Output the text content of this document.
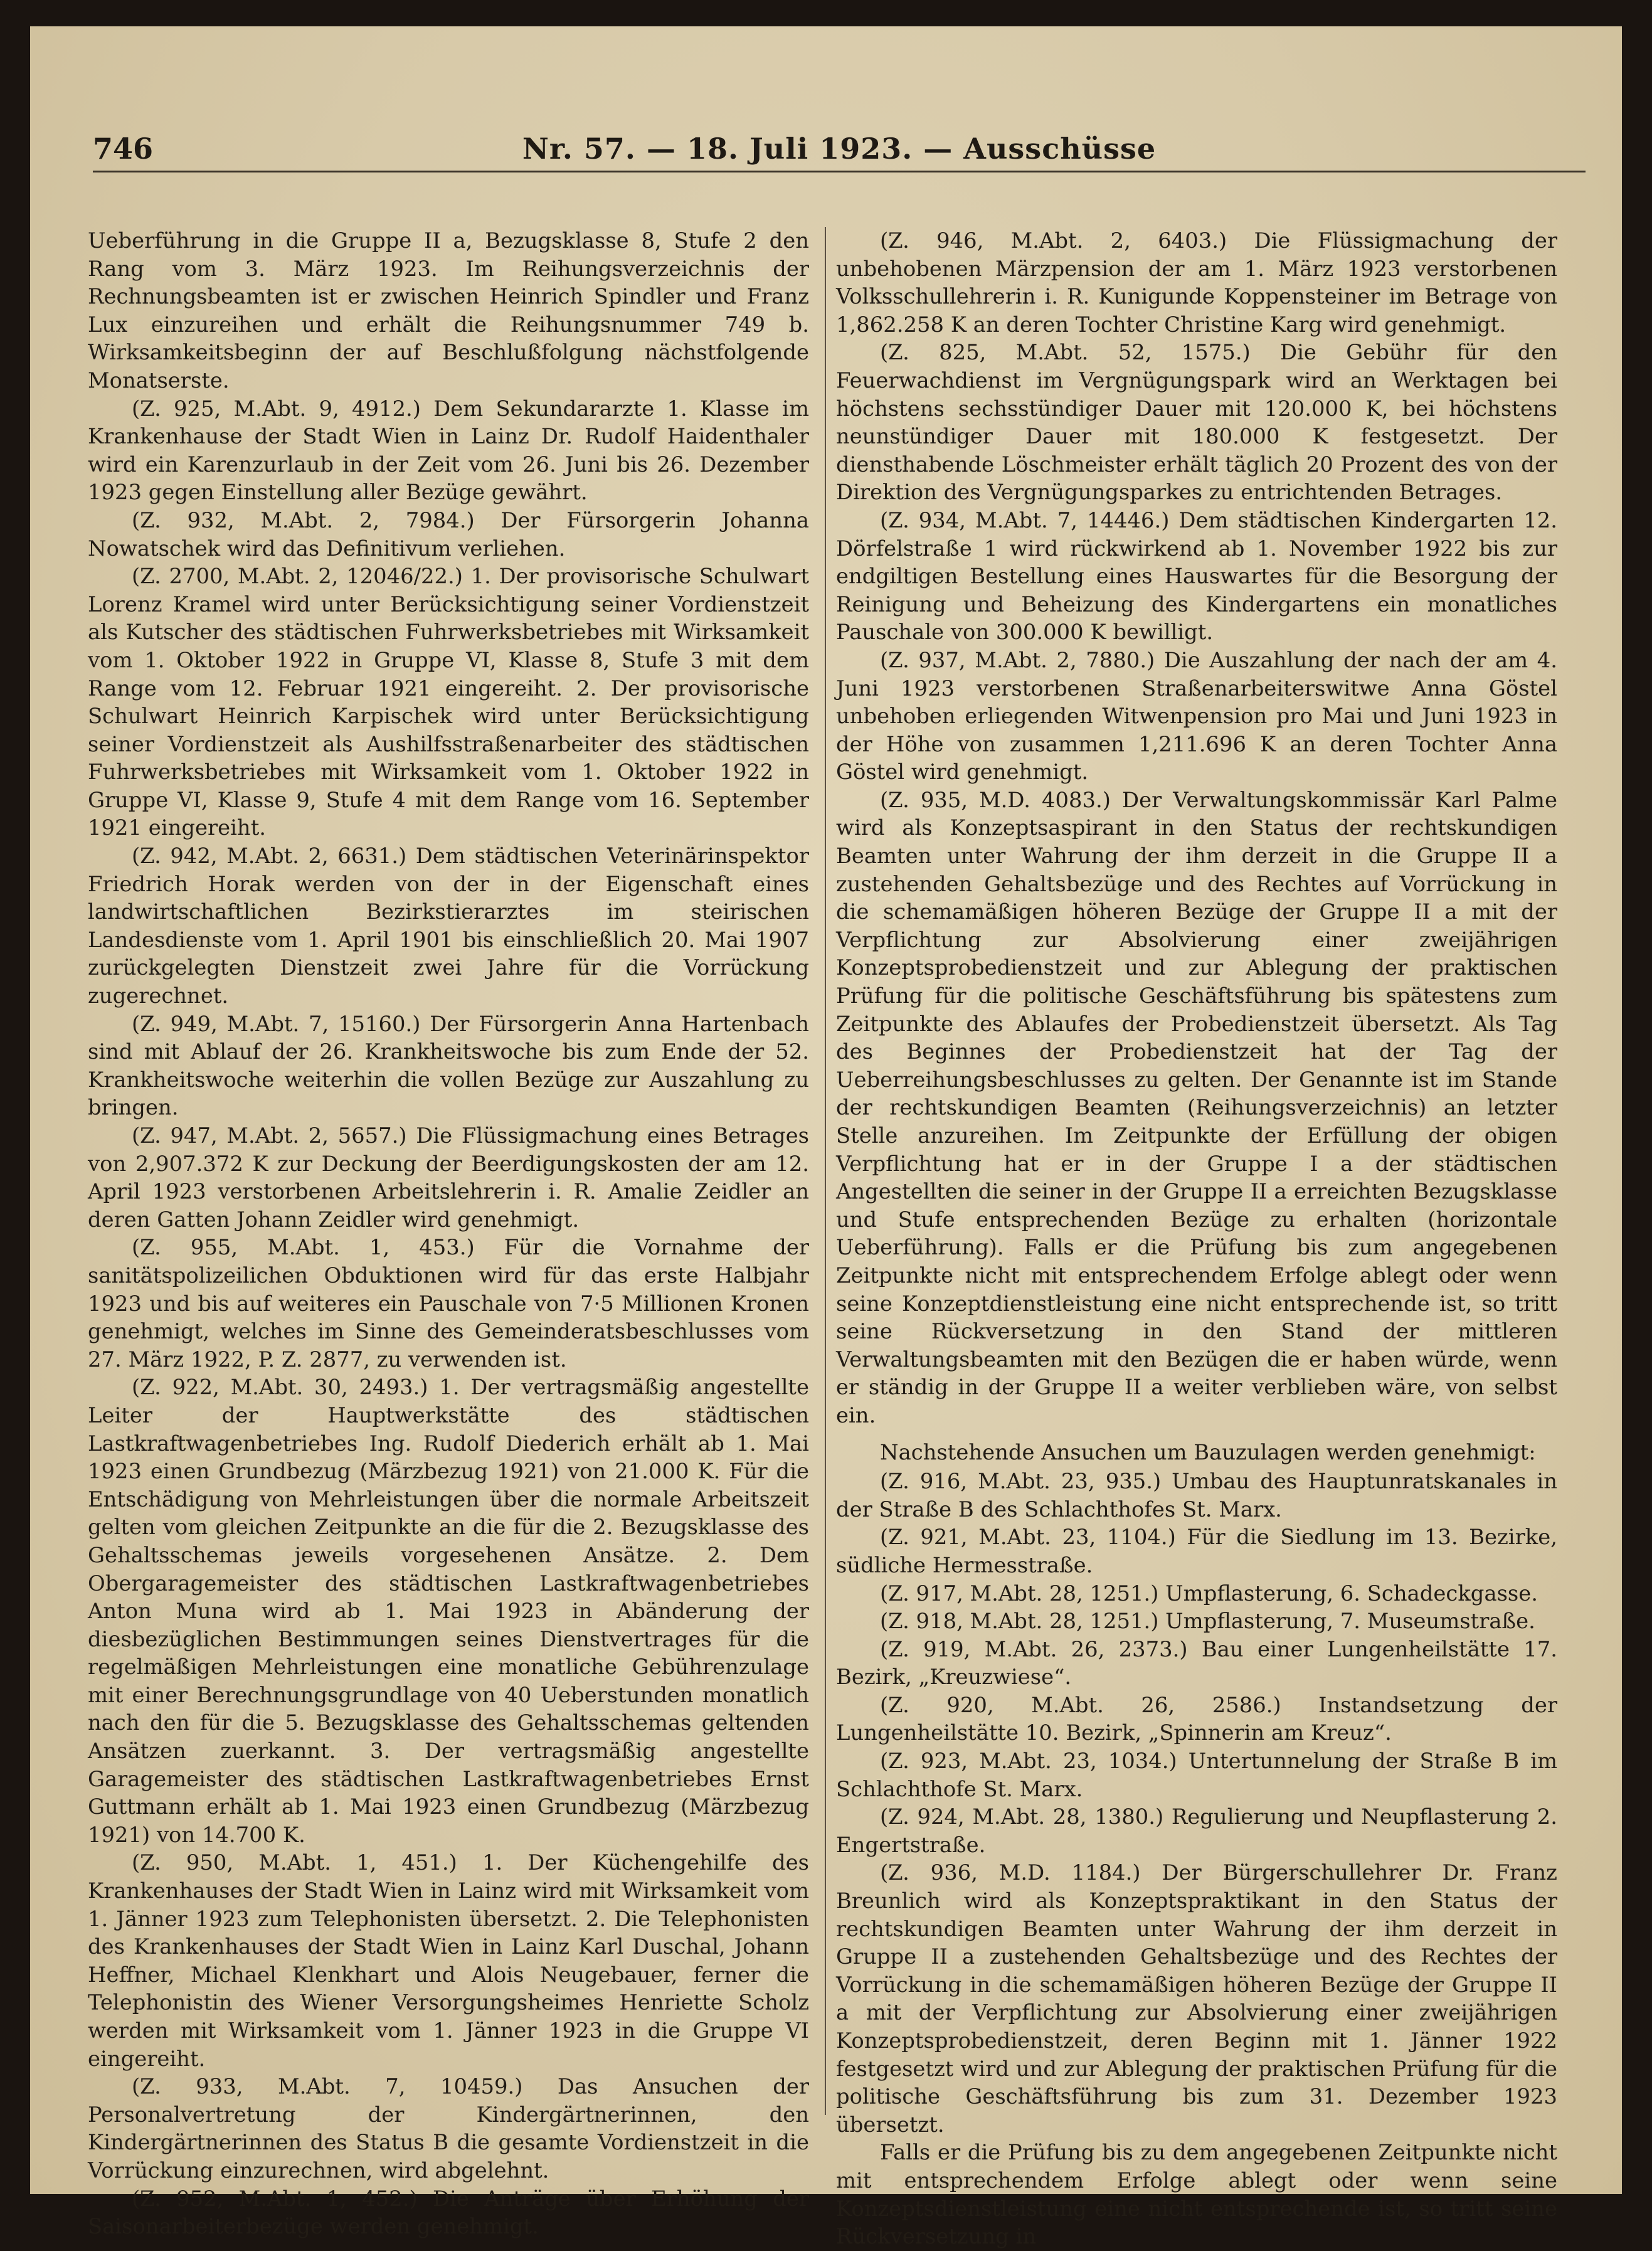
746	Nr. 57. — 18. Juli 1923. — Ausschüsse

Ueberführung in die Gruppe II a, Bezugsklasse 8, Stufe 2 den Rang vom 3. März 1923. Im Reihungsverzeichnis der Rechnungsbeamten ist er zwischen Heinrich Spindler und Franz Lux einzureihen und erhält die Reihungsnummer 749 b. Wirksamkeitsbeginn der auf Beschlußfolgung nächstfolgende Monatserste.

(Z. 925, M.Abt. 9, 4912.) Dem Sekundararzte 1. Klasse im Krankenhause der Stadt Wien in Lainz Dr. Rudolf Haidenthaler wird ein Karenzurlaub in der Zeit vom 26. Juni bis 26. Dezember 1923 gegen Einstellung aller Bezüge gewährt.

(Z. 932, M.Abt. 2, 7984.) Der Fürsorgerin Johanna Nowatschek wird das Definitivum verliehen.

(Z. 2700, M.Abt. 2, 12046/22.) 1. Der provisorische Schulwart Lorenz Kramel wird unter Berücksichtigung seiner Vordienstzeit als Kutscher des städtischen Fuhrwerksbetriebes mit Wirksamkeit vom 1. Oktober 1922 in Gruppe VI, Klasse 8, Stufe 3 mit dem Range vom 12. Februar 1921 eingereiht. 2. Der provisorische Schulwart Heinrich Karpischek wird unter Berücksichtigung seiner Vordienstzeit als Aushilfsstraßenarbeiter des städtischen Fuhrwerksbetriebes mit Wirksamkeit vom 1. Oktober 1922 in Gruppe VI, Klasse 9, Stufe 4 mit dem Range vom 16. September 1921 eingereiht.

(Z. 942, M.Abt. 2, 6631.) Dem städtischen Veterinärinspektor Friedrich Horak werden von der in der Eigenschaft eines landwirtschaftlichen Bezirkstierarztes im steirischen Landesdienste vom 1. April 1901 bis einschließlich 20. Mai 1907 zurückgelegten Dienstzeit zwei Jahre für die Vorrückung zugerechnet.

(Z. 949, M.Abt. 7, 15160.) Der Fürsorgerin Anna Hartenbach sind mit Ablauf der 26. Krankheitswoche bis zum Ende der 52. Krankheitswoche weiterhin die vollen Bezüge zur Auszahlung zu bringen.

(Z. 947, M.Abt. 2, 5657.) Die Flüssigmachung eines Betrages von 2,907.372 K zur Deckung der Beerdigungskosten der am 12. April 1923 verstorbenen Arbeitslehrerin i. R. Amalie Zeidler an deren Gatten Johann Zeidler wird genehmigt.

(Z. 955, M.Abt. 1, 453.) Für die Vornahme der sanitätspolizeilichen Obduktionen wird für das erste Halbjahr 1923 und bis auf weiteres ein Pauschale von 7·5 Millionen Kronen genehmigt, welches im Sinne des Gemeinderatsbeschlusses vom 27. März 1922, P. Z. 2877, zu verwenden ist.

(Z. 922, M.Abt. 30, 2493.) 1. Der vertragsmäßig angestellte Leiter der Hauptwerkstätte des städtischen Lastkraftwagenbetriebes Ing. Rudolf Diederich erhält ab 1. Mai 1923 einen Grundbezug (Märzbezug 1921) von 21.000 K. Für die Entschädigung von Mehrleistungen über die normale Arbeitszeit gelten vom gleichen Zeitpunkte an die für die 2. Bezugsklasse des Gehaltsschemas jeweils vorgesehenen Ansätze. 2. Dem Obergaragemeister des städtischen Lastkraftwagenbetriebes Anton Muna wird ab 1. Mai 1923 in Abänderung der diesbezüglichen Bestimmungen seines Dienstvertrages für die regelmäßigen Mehrleistungen eine monatliche Gebührenzulage mit einer Berechnungsgrundlage von 40 Ueberstunden monatlich nach den für die 5. Bezugsklasse des Gehaltsschemas geltenden Ansätzen zuerkannt. 3. Der vertragsmäßig angestellte Garagemeister des städtischen Lastkraftwagenbetriebes Ernst Guttmann erhält ab 1. Mai 1923 einen Grundbezug (Märzbezug 1921) von 14.700 K.

(Z. 950, M.Abt. 1, 451.) 1. Der Küchengehilfe des Krankenhauses der Stadt Wien in Lainz wird mit Wirksamkeit vom 1. Jänner 1923 zum Telephonisten übersetzt. 2. Die Telephonisten des Krankenhauses der Stadt Wien in Lainz Karl Duschal, Johann Heffner, Michael Klenkhart und Alois Neugebauer, ferner die Telephonistin des Wiener Versorgungsheimes Henriette Scholz werden mit Wirksamkeit vom 1. Jänner 1923 in die Gruppe VI eingereiht.

(Z. 933, M.Abt. 7, 10459.) Das Ansuchen der Personalvertretung der Kindergärtnerinnen, den Kindergärtnerinnen des Status B die gesamte Vordienstzeit in die Vorrückung einzurechnen, wird abgelehnt.

(Z. 952, M.Abt. 1, 452.) Die Anträge über Erhöhung der Saisonarbeiterbezüge werden genehmigt.

(Z. 946, M.Abt. 2, 6403.) Die Flüssigmachung der unbehobenen Märzpension der am 1. März 1923 verstorbenen Volksschullehrerin i. R. Kunigunde Koppensteiner im Betrage von 1,862.258 K an deren Tochter Christine Karg wird genehmigt.

(Z. 825, M.Abt. 52, 1575.) Die Gebühr für den Feuerwachdienst im Vergnügungspark wird an Werktagen bei höchstens sechsstündiger Dauer mit 120.000 K, bei höchstens neunstündiger Dauer mit 180.000 K festgesetzt. Der diensthabende Löschmeister erhält täglich 20 Prozent des von der Direktion des Vergnügungsparkes zu entrichtenden Betrages.

(Z. 934, M.Abt. 7, 14446.) Dem städtischen Kindergarten 12. Dörfelstraße 1 wird rückwirkend ab 1. November 1922 bis zur endgiltigen Bestellung eines Hauswartes für die Besorgung der Reinigung und Beheizung des Kindergartens ein monatliches Pauschale von 300.000 K bewilligt.

(Z. 937, M.Abt. 2, 7880.) Die Auszahlung der nach der am 4. Juni 1923 verstorbenen Straßenarbeiterswitwe Anna Göstel unbehoben erliegenden Witwenpension pro Mai und Juni 1923 in der Höhe von zusammen 1,211.696 K an deren Tochter Anna Göstel wird genehmigt.

(Z. 935, M.D. 4083.) Der Verwaltungskommissär Karl Palme wird als Konzeptsaspirant in den Status der rechtskundigen Beamten unter Wahrung der ihm derzeit in die Gruppe II a zustehenden Gehaltsbezüge und des Rechtes auf Vorrückung in die schemamäßigen höheren Bezüge der Gruppe II a mit der Verpflichtung zur Absolvierung einer zweijährigen Konzeptsprobedienstzeit und zur Ablegung der praktischen Prüfung für die politische Geschäftsführung bis spätestens zum Zeitpunkte des Ablaufes der Probedienstzeit übersetzt. Als Tag des Beginnes der Probedienstzeit hat der Tag der Ueberreihungsbeschlusses zu gelten. Der Genannte ist im Stande der rechtskundigen Beamten (Reihungsverzeichnis) an letzter Stelle anzureihen. Im Zeitpunkte der Erfüllung der obigen Verpflichtung hat er in der Gruppe I a der städtischen Angestellten die seiner in der Gruppe II a erreichten Bezugsklasse und Stufe entsprechenden Bezüge zu erhalten (horizontale Ueberführung). Falls er die Prüfung bis zum angegebenen Zeitpunkte nicht mit entsprechendem Erfolge ablegt oder wenn seine Konzeptdienstleistung eine nicht entsprechende ist, so tritt seine Rückversetzung in den Stand der mittleren Verwaltungsbeamten mit den Bezügen die er haben würde, wenn er ständig in der Gruppe II a weiter verblieben wäre, von selbst ein.

Nachstehende Ansuchen um Bauzulagen werden genehmigt:

(Z. 916, M.Abt. 23, 935.) Umbau des Hauptunratskanales in der Straße B des Schlachthofes St. Marx.

(Z. 921, M.Abt. 23, 1104.) Für die Siedlung im 13. Bezirke, südliche Hermesstraße.

(Z. 917, M.Abt. 28, 1251.) Umpflasterung, 6. Schadeckgasse.

(Z. 918, M.Abt. 28, 1251.) Umpflasterung, 7. Museumstraße.

(Z. 919, M.Abt. 26, 2373.) Bau einer Lungenheilstätte 17. Bezirk, „Kreuzwiese“.

(Z. 920, M.Abt. 26, 2586.) Instandsetzung der Lungenheilstätte 10. Bezirk, „Spinnerin am Kreuz“.

(Z. 923, M.Abt. 23, 1034.) Untertunnelung der Straße B im Schlachthofe St. Marx.

(Z. 924, M.Abt. 28, 1380.) Regulierung und Neupflasterung 2. Engertstraße.

(Z. 936, M.D. 1184.) Der Bürgerschullehrer Dr. Franz Breunlich wird als Konzeptspraktikant in den Status der rechtskundigen Beamten unter Wahrung der ihm derzeit in Gruppe II a zustehenden Gehaltsbezüge und des Rechtes der Vorrückung in die schemamäßigen höheren Bezüge der Gruppe II a mit der Verpflichtung zur Absolvierung einer zweijährigen Konzeptsprobedienstzeit, deren Beginn mit 1. Jänner 1922 festgesetzt wird und zur Ablegung der praktischen Prüfung für die politische Geschäftsführung bis zum 31. Dezember 1923 übersetzt.

Falls er die Prüfung bis zu dem angegebenen Zeitpunkte nicht mit entsprechendem Erfolge ablegt oder wenn seine Konzeptsdienstleistung eine nicht entsprechende ist, so tritt seine Rückversetzung in
